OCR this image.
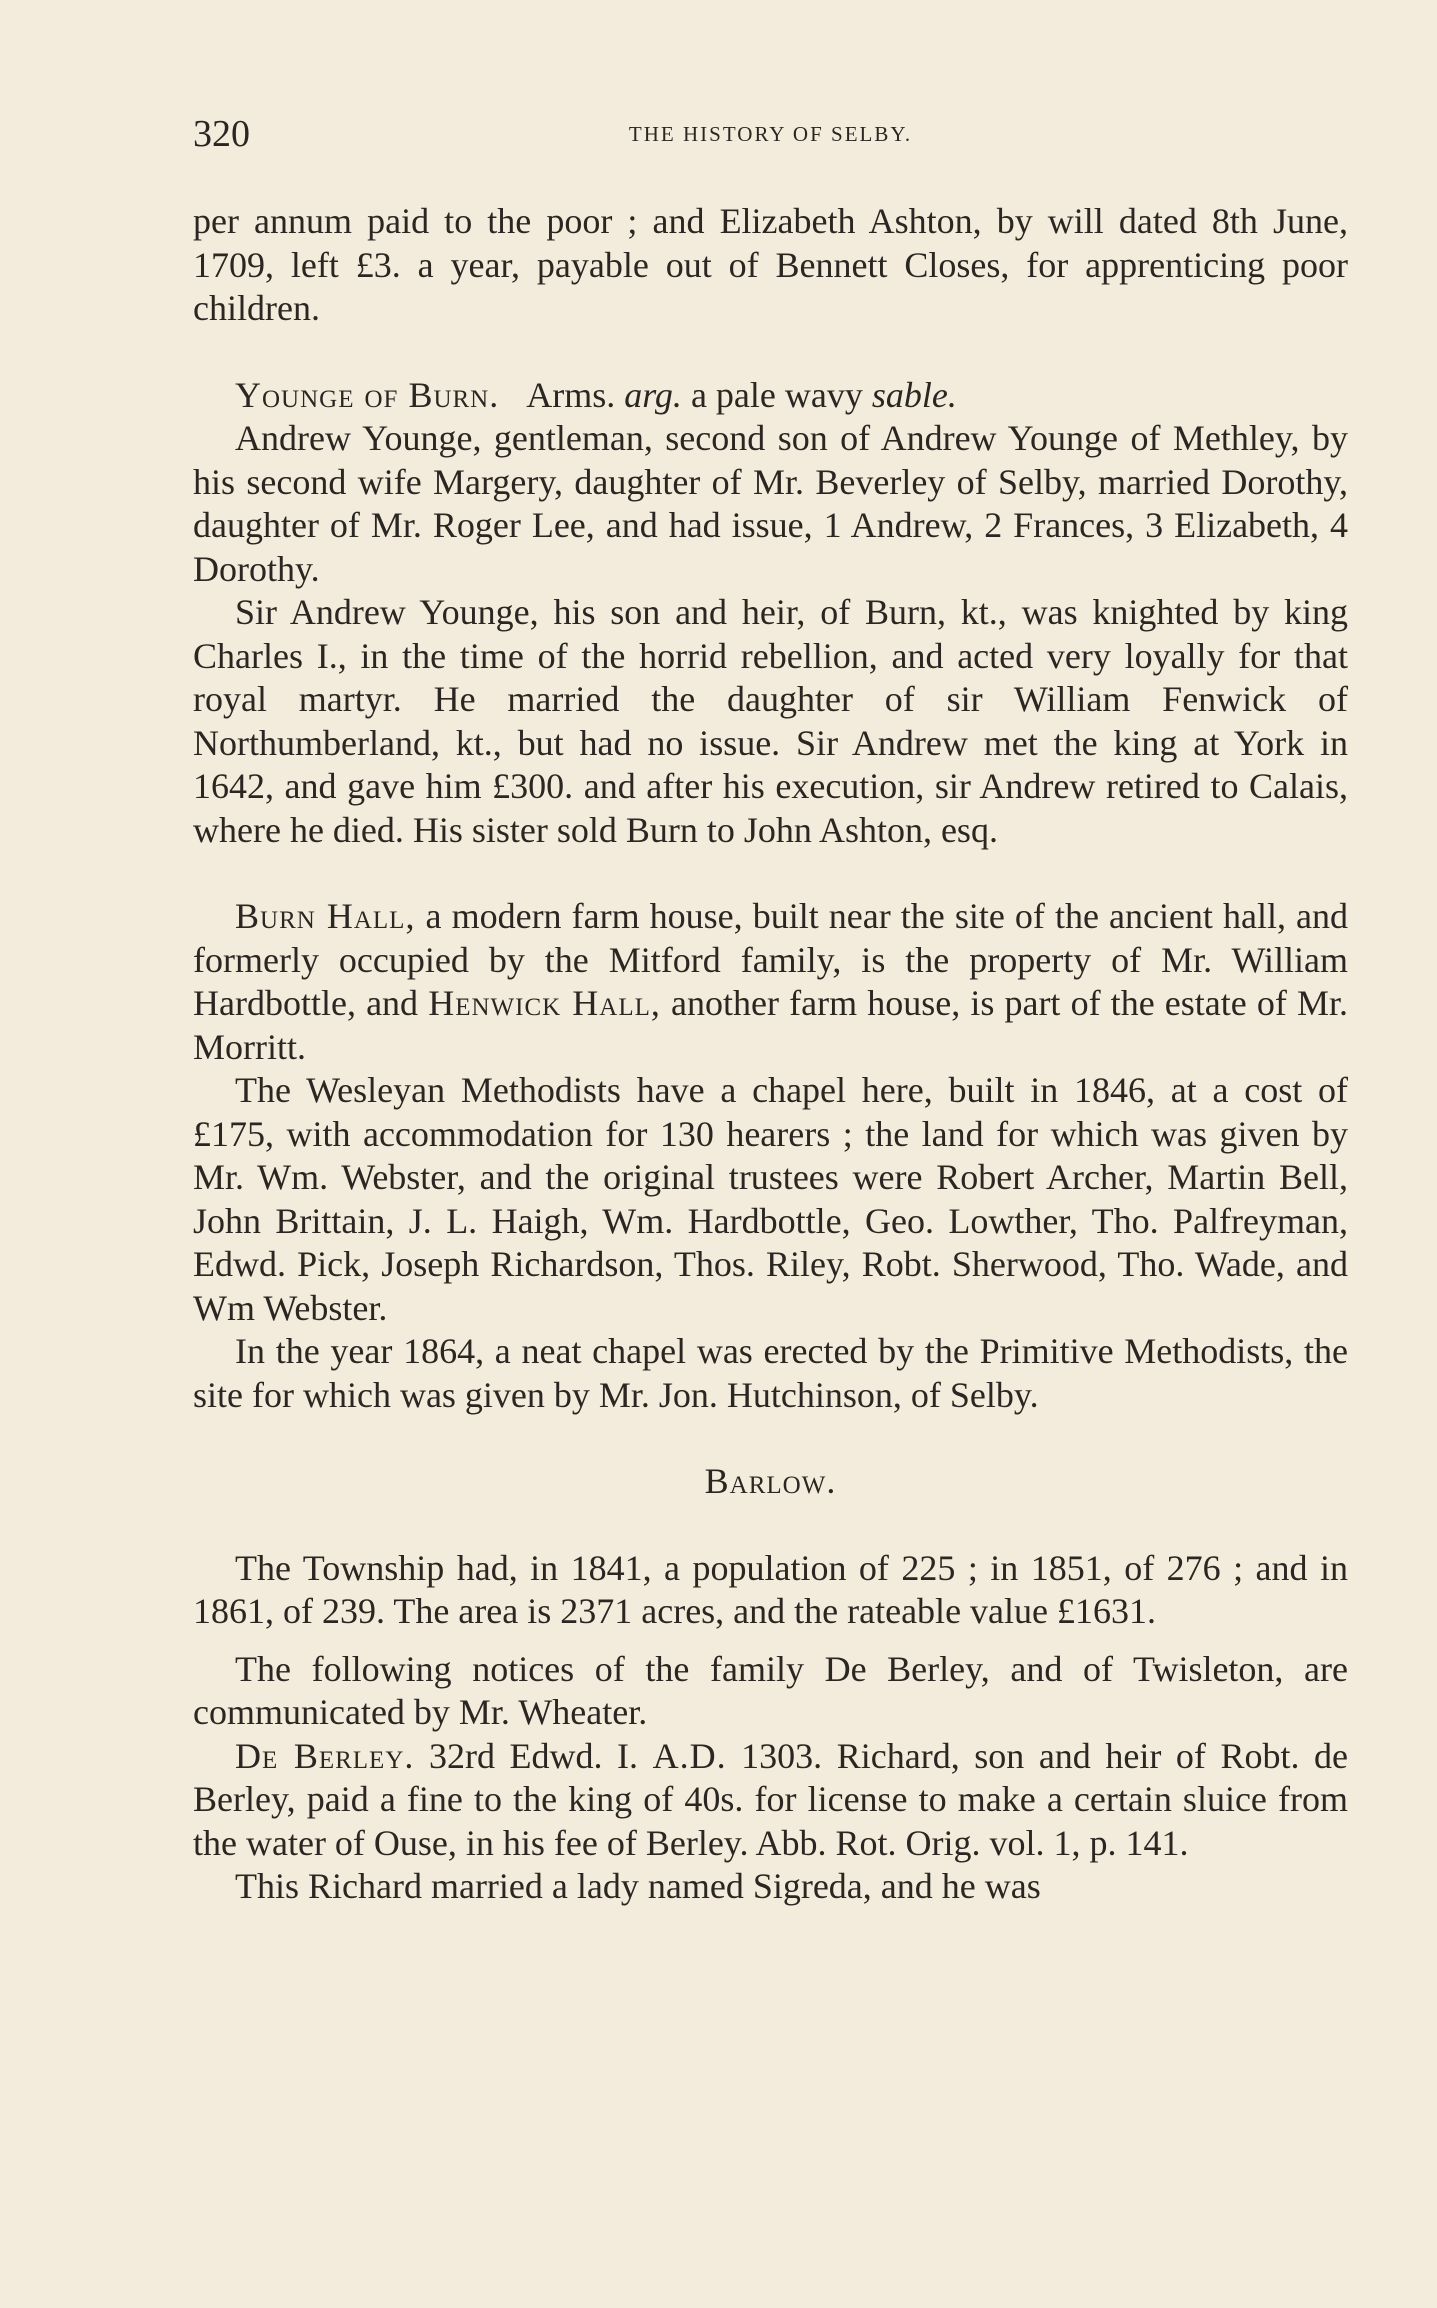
320	THE HISTORY OF SELBY.

per annum paid to the poor ; and Elizabeth Ashton, by will dated 8th June, 1709, left £3. a year, payable out of Bennett Closes, for apprenticing poor children.

Younge of Burn. Arms. arg. a pale wavy sable.

Andrew Younge, gentleman, second son of Andrew Younge of Methley, by his second wife Margery, daughter of Mr. Beverley of Selby, married Dorothy, daughter of Mr. Roger Lee, and had issue, 1 Andrew, 2 Frances, 3 Elizabeth, 4 Dorothy.

Sir Andrew Younge, his son and heir, of Burn, kt., was knighted by king Charles I., in the time of the horrid rebellion, and acted very loyally for that royal martyr. He married the daughter of sir William Fenwick of Northumberland, kt., but had no issue. Sir Andrew met the king at York in 1642, and gave him £300. and after his execution, sir Andrew retired to Calais, where he died. His sister sold Burn to John Ashton, esq.

Burn Hall, a modern farm house, built near the site of the ancient hall, and formerly occupied by the Mitford family, is the property of Mr. William Hardbottle, and Henwick Hall, another farm house, is part of the estate of Mr. Morritt.

The Wesleyan Methodists have a chapel here, built in 1846, at a cost of £175, with accommodation for 130 hearers ; the land for which was given by Mr. Wm. Webster, and the original trustees were Robert Archer, Martin Bell, John Brittain, J. L. Haigh, Wm. Hardbottle, Geo. Lowther, Tho. Palfreyman, Edwd. Pick, Joseph Richardson, Thos. Riley, Robt. Sherwood, Tho. Wade, and Wm Webster.

In the year 1864, a neat chapel was erected by the Primitive Methodists, the site for which was given by Mr. Jon. Hutchinson, of Selby.

Barlow.

The Township had, in 1841, a population of 225 ; in 1851, of 276 ; and in 1861, of 239. The area is 2371 acres, and the rateable value £1631.

The following notices of the family De Berley, and of Twisleton, are communicated by Mr. Wheater.

De Berley. 32rd Edwd. I. A.D. 1303. Richard, son and heir of Robt. de Berley, paid a fine to the king of 40s. for license to make a certain sluice from the water of Ouse, in his fee of Berley. Abb. Rot. Orig. vol. 1, p. 141.

This Richard married a lady named Sigreda, and he was
